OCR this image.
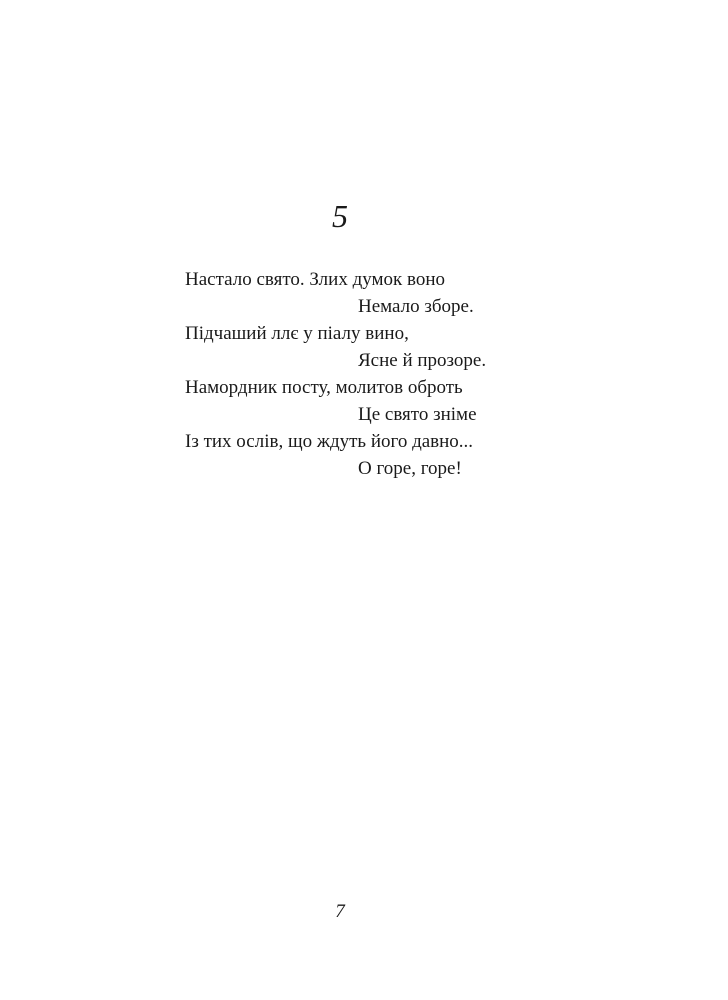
5
Настало свято. Злих думок воно
Немало зборе.
Підчаший ллє у піалу вино,
Ясне й прозоре.
Намордник посту, молитов оброть
Це свято зніме
Із тих ослів, що ждуть його давно...
О горе, горе!
7
